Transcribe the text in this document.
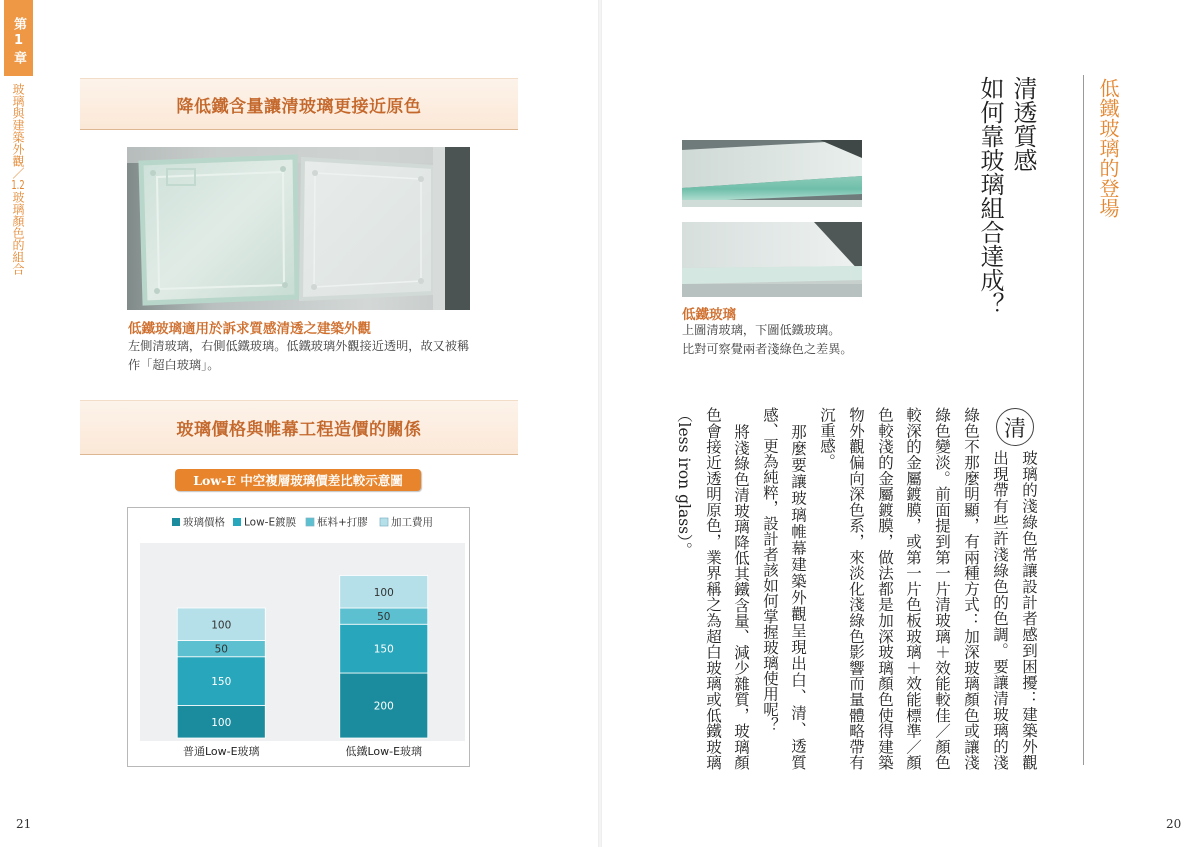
第1章
玻璃與建築外觀／1.2玻璃顏色的組合
降低鐵含量讓清玻璃更接近原色
低鐵玻璃適用於訴求質感清透之建築外觀
左側清玻璃，右側低鐵玻璃。低鐵玻璃外觀接近透明，故又被稱
作「超白玻璃」。
玻璃價格與帷幕工程造價的關係
Low-E 中空複層玻璃價差比較示意圖
玻璃價格 Low-E鍍膜 框料+打膠 加工費用
100
150
50
100
普通Low-E玻璃
200
150
50
100
低鐵Low-E玻璃
21
低鐵玻璃
上圖清玻璃，下圖低鐵玻璃。
比對可察覺兩者淺綠色之差異。
清透質感
如何靠玻璃組合達成？	低鐵玻璃的登場
清
玻璃的淺綠色常讓設計者感到困擾：建築外觀
出現帶有些許淺綠色的色調。要讓清玻璃的淺
綠色不那麼明顯，有兩種方式：加深玻璃顏色或讓淺
綠色變淡。前面提到第一片清玻璃＋效能較佳／顏色
較深的金屬鍍膜，或第一片色板玻璃＋效能標準／顏
色較淺的金屬鍍膜，做法都是加深玻璃顏色使得建築
物外觀偏向深色系，來淡化淺綠色影響而量體略帶有
沉重感。
那麼要讓玻璃帷幕建築外觀呈現出白、清、透質
感、更為純粹，設計者該如何掌握玻璃使用呢？
將淺綠色清玻璃降低其鐵含量、減少雜質，玻璃顏
色會接近透明原色，業界稱之為超白玻璃或低鐵玻璃
（less iron glass）。
20
